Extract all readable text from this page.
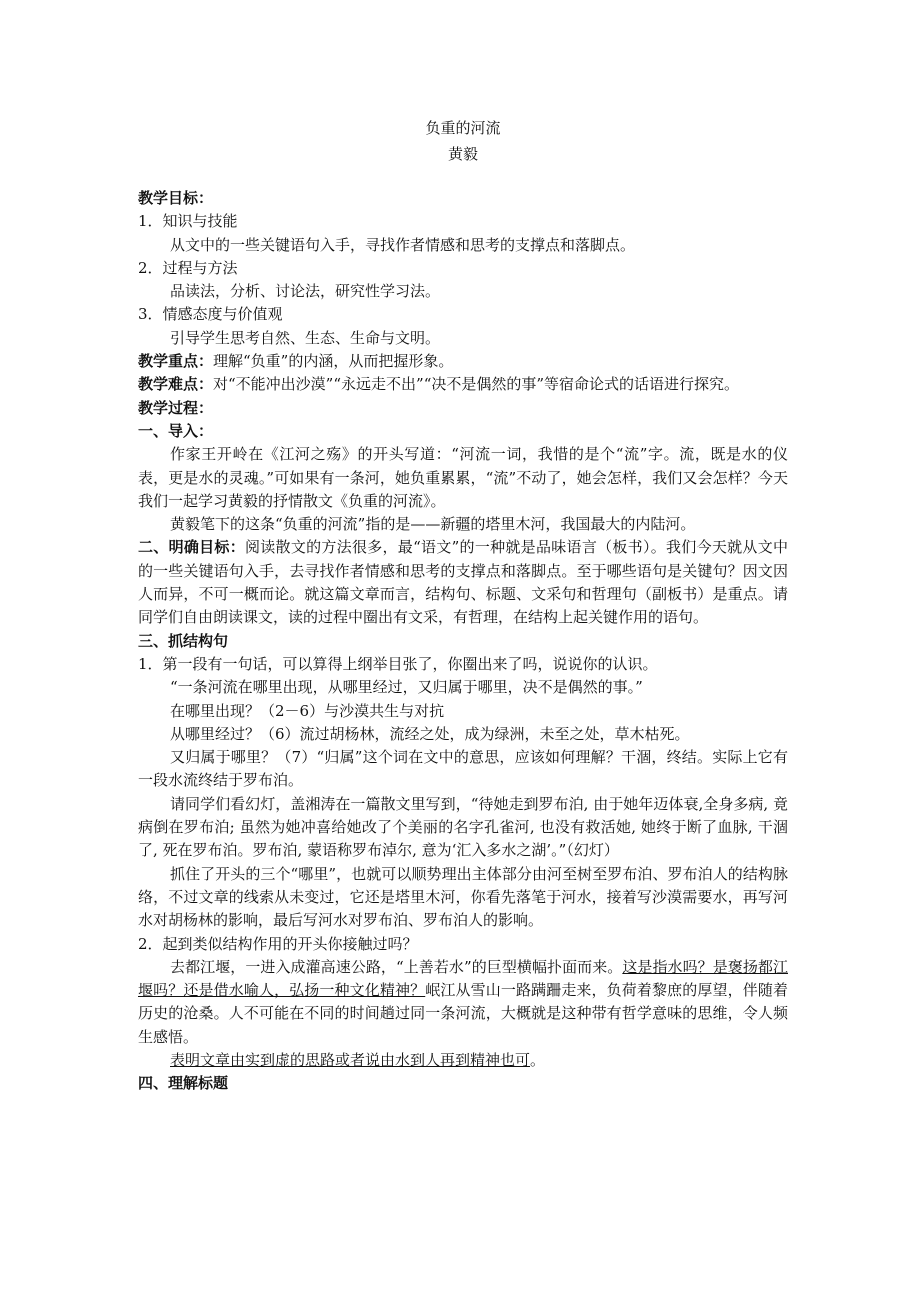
负重的河流
黄毅

教学目标：

1．知识与技能

从文中的一些关键语句入手，寻找作者情感和思考的支撑点和落脚点。

2．过程与方法

品读法，分析、讨论法，研究性学习法。

3．情感态度与价值观

引导学生思考自然、生态、生命与文明。

教学重点：理解“负重”的内涵，从而把握形象。

教学难点：对“不能冲出沙漠”“永远走不出”“决不是偶然的事”等宿命论式的话语进行探究。

教学过程：

一、导入：

作家王开岭在《江河之殇》的开头写道：“河流一词，我惜的是个“流”字。流，既是水的仪表，更是水的灵魂。”可如果有一条河，她负重累累，“流”不动了，她会怎样，我们又会怎样？今天我们一起学习黄毅的抒情散文《负重的河流》。

黄毅笔下的这条“负重的河流”指的是——新疆的塔里木河，我国最大的内陆河。

二、明确目标：阅读散文的方法很多，最“语文”的一种就是品味语言（板书）。我们今天就从文中的一些关键语句入手，去寻找作者情感和思考的支撑点和落脚点。至于哪些语句是关键句？因文因人而异，不可一概而论。就这篇文章而言，结构句、标题、文采句和哲理句（副板书）是重点。请同学们自由朗读课文，读的过程中圈出有文采，有哲理，在结构上起关键作用的语句。

三、抓结构句

1．第一段有一句话，可以算得上纲举目张了，你圈出来了吗，说说你的认识。

“一条河流在哪里出现，从哪里经过，又归属于哪里，决不是偶然的事。”

在哪里出现？（2－6）与沙漠共生与对抗

从哪里经过？（6）流过胡杨林，流经之处，成为绿洲，未至之处，草木枯死。

又归属于哪里？（7）“归属”这个词在文中的意思，应该如何理解？干涸，终结。实际上它有一段水流终结于罗布泊。

请同学们看幻灯，盖湘涛在一篇散文里写到，“待她走到罗布泊, 由于她年迈体衰,全身多病, 竟病倒在罗布泊; 虽然为她冲喜给她改了个美丽的名字孔雀河, 也没有救活她, 她终于断了血脉, 干涸了, 死在罗布泊。罗布泊, 蒙语称罗布淖尔, 意为‘汇入多水之湖’。”（幻灯）

抓住了开头的三个“哪里”，也就可以顺势理出主体部分由河至树至罗布泊、罗布泊人的结构脉络，不过文章的线索从未变过，它还是塔里木河，你看先落笔于河水，接着写沙漠需要水，再写河水对胡杨林的影响，最后写河水对罗布泊、罗布泊人的影响。

2．起到类似结构作用的开头你接触过吗？

去都江堰，一进入成灌高速公路，“上善若水”的巨型横幅扑面而来。这是指水吗？是褒扬都江堰吗？还是借水喻人，弘扬一种文化精神？岷江从雪山一路蹒跚走来，负荷着黎庶的厚望，伴随着历史的沧桑。人不可能在不同的时间趟过同一条河流，大概就是这种带有哲学意味的思维，令人频生感悟。

表明文章由实到虚的思路或者说由水到人再到精神也可。

四、理解标题
